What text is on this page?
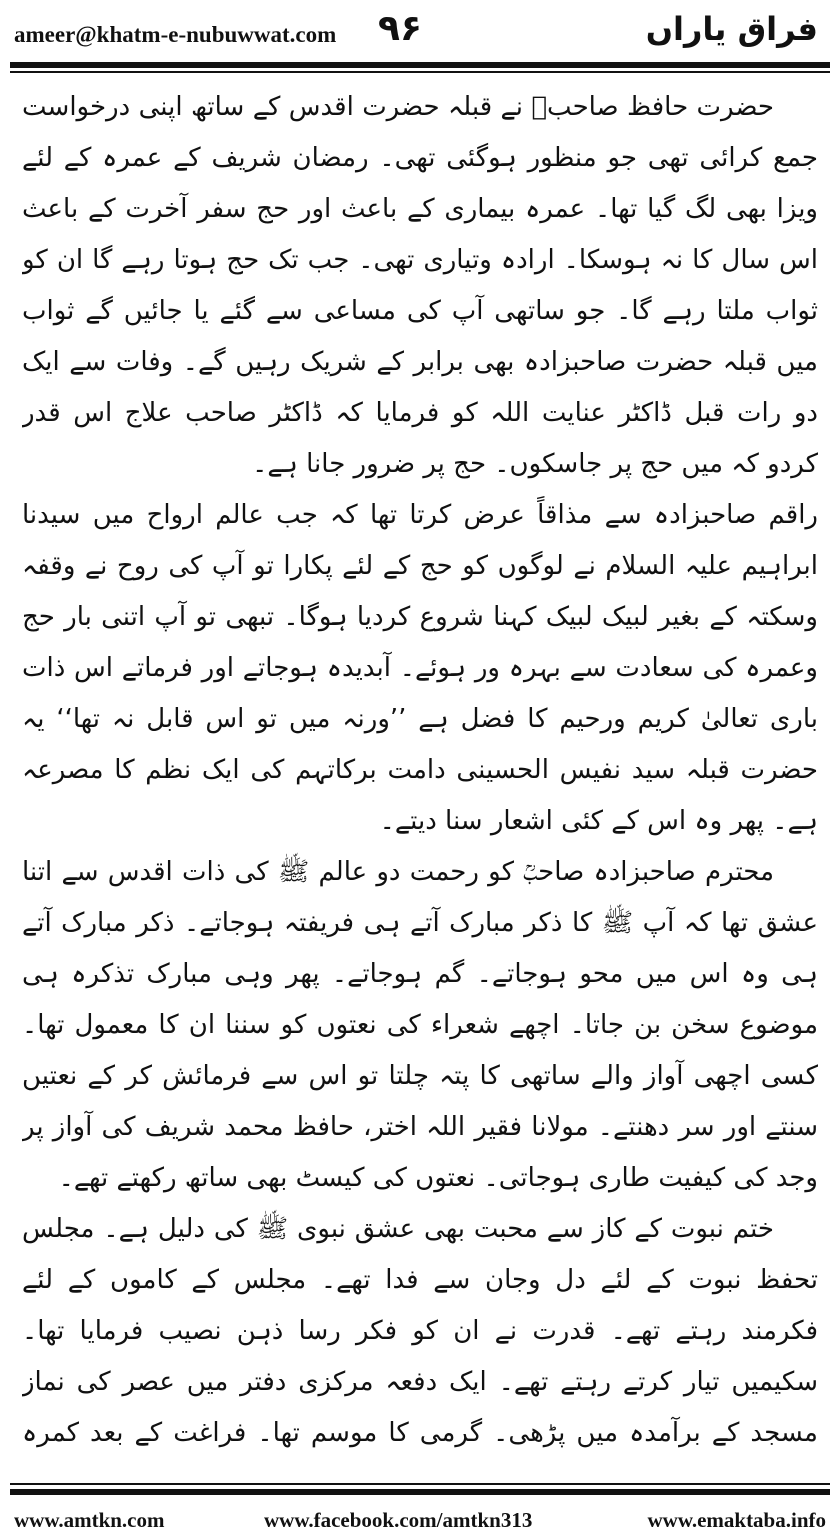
ameer@khatm-e-nubuwwat.com ۹۶	فراق یاراں

حضرت حافظ صاحبؒ نے قبلہ حضرت اقدس کے ساتھ اپنی درخواست جمع کرائی تھی جو منظور ہوگئی تھی۔ رمضان شریف کے عمرہ کے لئے ویزا بھی لگ گیا تھا۔ عمرہ بیماری کے باعث اور حج سفر آخرت کے باعث اس سال کا نہ ہوسکا۔ ارادہ وتیاری تھی۔ جب تک حج ہوتا رہے گا ان کو ثواب ملتا رہے گا۔ جو ساتھی آپ کی مساعی سے گئے یا جائیں گے ثواب میں قبلہ حضرت صاحبزادہ بھی برابر کے شریک رہیں گے۔ وفات سے ایک دو رات قبل ڈاکٹر عنایت اللہ کو فرمایا کہ ڈاکٹر صاحب علاج اس قدر کردو کہ میں حج پر جاسکوں۔ حج پر ضرور جانا ہے۔

راقم صاحبزادہ سے مذاقاً عرض کرتا تھا کہ جب عالم ارواح میں سیدنا ابراہیم علیہ السلام نے لوگوں کو حج کے لئے پکارا تو آپ کی روح نے وقفہ وسکتہ کے بغیر لبیک لبیک کہنا شروع کردیا ہوگا۔ تبھی تو آپ اتنی بار حج وعمرہ کی سعادت سے بہرہ ور ہوئے۔ آبدیدہ ہوجاتے اور فرماتے اس ذات باری تعالیٰ کریم ورحیم کا فضل ہے ’’ورنہ میں تو اس قابل نہ تھا‘‘ یہ حضرت قبلہ سید نفیس الحسینی دامت برکاتہم کی ایک نظم کا مصرعہ ہے۔ پھر وہ اس کے کئی اشعار سنا دیتے۔

محترم صاحبزادہ صاحبؒ کو رحمت دو عالم ﷺ کی ذات اقدس سے اتنا عشق تھا کہ آپ ﷺ کا ذکر مبارک آتے ہی فریفتہ ہوجاتے۔ ذکر مبارک آتے ہی وہ اس میں محو ہوجاتے۔ گم ہوجاتے۔ پھر وہی مبارک تذکرہ ہی موضوع سخن بن جاتا۔ اچھے شعراء کی نعتوں کو سننا ان کا معمول تھا۔ کسی اچھی آواز والے ساتھی کا پتہ چلتا تو اس سے فرمائش کر کے نعتیں سنتے اور سر دھنتے۔ مولانا فقیر اللہ اختر، حافظ محمد شریف کی آواز پر وجد کی کیفیت طاری ہوجاتی۔ نعتوں کی کیسٹ بھی ساتھ رکھتے تھے۔

ختم نبوت کے کاز سے محبت بھی عشق نبوی ﷺ کی دلیل ہے۔ مجلس تحفظ نبوت کے لئے دل وجان سے فدا تھے۔ مجلس کے کاموں کے لئے فکرمند رہتے تھے۔ قدرت نے ان کو فکر رسا ذہن نصیب فرمایا تھا۔ سکیمیں تیار کرتے رہتے تھے۔ ایک دفعہ مرکزی دفتر میں عصر کی نماز مسجد کے برآمدہ میں پڑھی۔ گرمی کا موسم تھا۔ فراغت کے بعد کمرہ

www.amtkn.com	www.facebook.com/amtkn313	www.emaktaba.info
